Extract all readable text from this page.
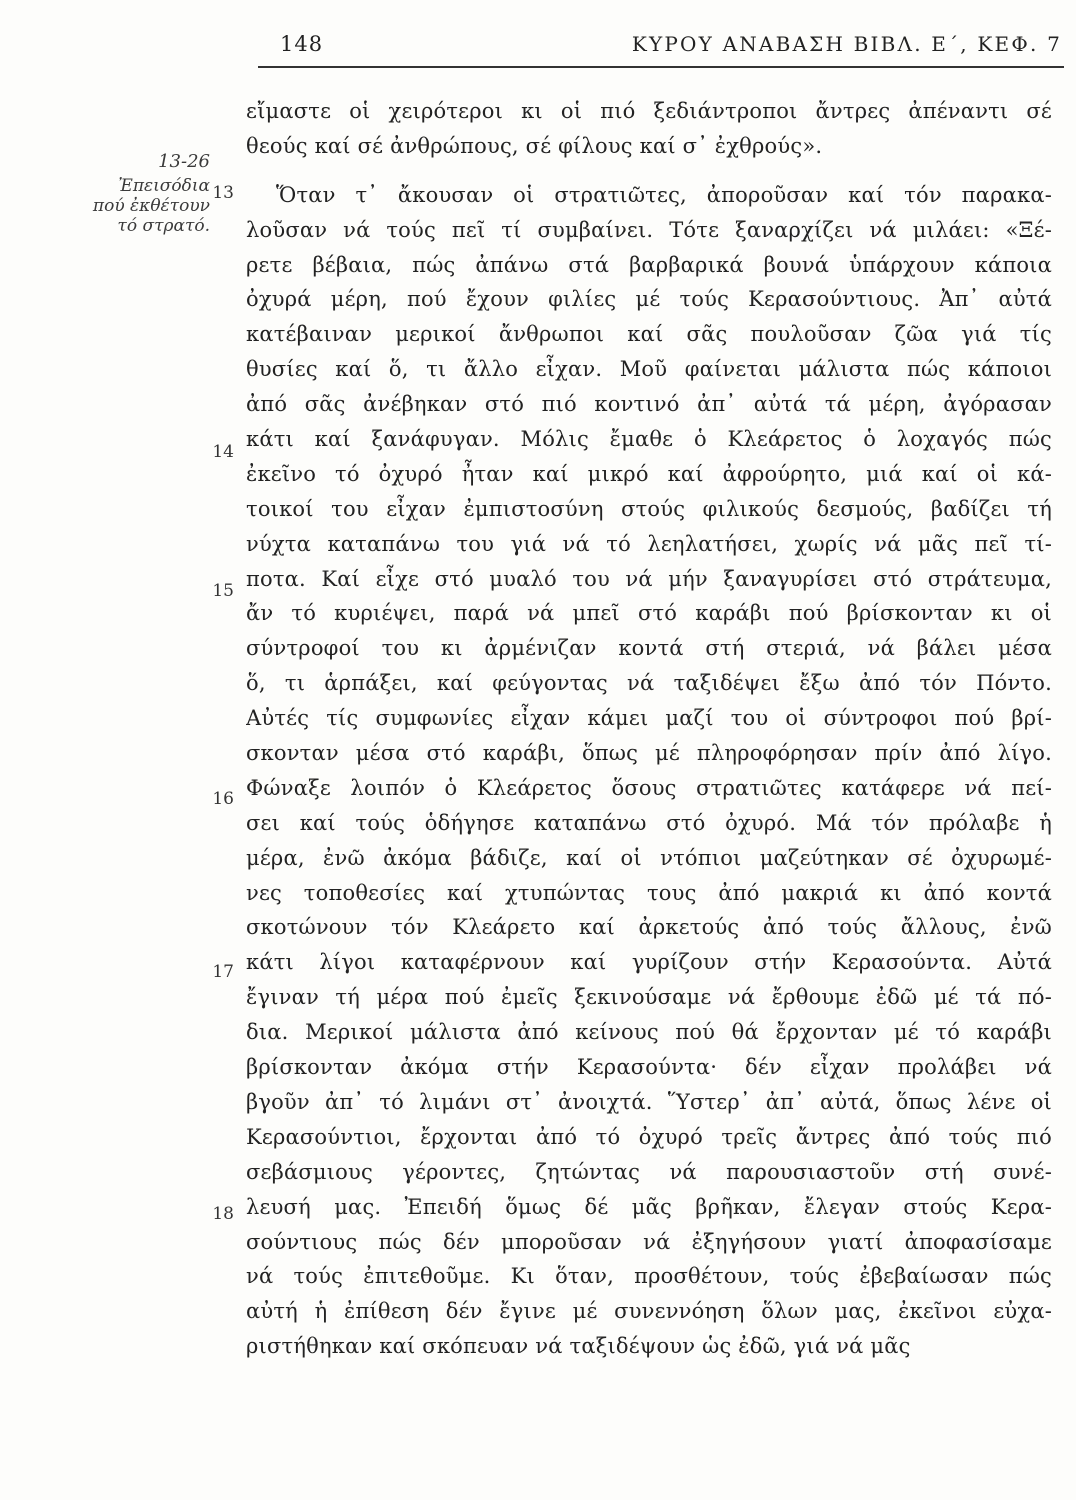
148	ΚΥΡΟΥ ΑΝΑΒΑΣΗ ΒΙΒΛ. Ε΄, ΚΕΦ. 7
13-26
Ἐπεισόδια
πού ἐκθέτουν
τό στρατό.
13
14
15
16
17
18
εἴμαστε οἱ χειρότεροι κι οἱ πιό ξεδιάντροποι ἄντρες ἀπέναντι σέ
θεούς καί σέ ἀνθρώπους, σέ φίλους καί σ᾽ ἐχθρούς».
Ὅταν τ᾽ ἄκουσαν οἱ στρατιῶτες, ἀποροῦσαν καί τόν παρακα-
λοῦσαν νά τούς πεῖ τί συμβαίνει. Τότε ξαναρχίζει νά μιλάει: «Ξέ-
ρετε βέβαια, πώς ἀπάνω στά βαρβαρικά βουνά ὑπάρχουν κάποια
ὀχυρά μέρη, πού ἔχουν φιλίες μέ τούς Κερασούντιους. Ἀπ᾽ αὐτά
κατέβαιναν μερικοί ἄνθρωποι καί σᾶς πουλοῦσαν ζῶα γιά τίς
θυσίες καί ὅ, τι ἄλλο εἶχαν. Μοῦ φαίνεται μάλιστα πώς κάποιοι
ἀπό σᾶς ἀνέβηκαν στό πιό κοντινό ἀπ᾽ αὐτά τά μέρη, ἀγόρασαν
κάτι καί ξανάφυγαν. Μόλις ἔμαθε ὁ Κλεάρετος ὁ λοχαγός πώς
ἐκεῖνο τό ὀχυρό ἦταν καί μικρό καί ἀφρούρητο, μιά καί οἱ κά-
τοικοί του εἶχαν ἐμπιστοσύνη στούς φιλικούς δεσμούς, βαδίζει τή
νύχτα καταπάνω του γιά νά τό λεηλατήσει, χωρίς νά μᾶς πεῖ τί-
ποτα. Καί εἶχε στό μυαλό του νά μήν ξαναγυρίσει στό στράτευμα,
ἄν τό κυριέψει, παρά νά μπεῖ στό καράβι πού βρίσκονταν κι οἱ
σύντροφοί του κι ἀρμένιζαν κοντά στή στεριά, νά βάλει μέσα
ὅ, τι ἁρπάξει, καί φεύγοντας νά ταξιδέψει ἔξω ἀπό τόν Πόντο.
Αὐτές τίς συμφωνίες εἶχαν κάμει μαζί του οἱ σύντροφοι πού βρί-
σκονταν μέσα στό καράβι, ὅπως μέ πληροφόρησαν πρίν ἀπό λίγο.
Φώναξε λοιπόν ὁ Κλεάρετος ὅσους στρατιῶτες κατάφερε νά πεί-
σει καί τούς ὁδήγησε καταπάνω στό ὀχυρό. Μά τόν πρόλαβε ἡ
μέρα, ἐνῶ ἀκόμα βάδιζε, καί οἱ ντόπιοι μαζεύτηκαν σέ ὀχυρωμέ-
νες τοποθεσίες καί χτυπώντας τους ἀπό μακριά κι ἀπό κοντά
σκοτώνουν τόν Κλεάρετο καί ἀρκετούς ἀπό τούς ἄλλους, ἐνῶ
κάτι λίγοι καταφέρνουν καί γυρίζουν στήν Κερασούντα. Αὐτά
ἔγιναν τή μέρα πού ἐμεῖς ξεκινούσαμε νά ἔρθουμε ἐδῶ μέ τά πό-
δια. Μερικοί μάλιστα ἀπό κείνους πού θά ἔρχονταν μέ τό καράβι
βρίσκονταν ἀκόμα στήν Κερασούντα· δέν εἶχαν προλάβει νά
βγοῦν ἀπ᾽ τό λιμάνι στ᾽ ἀνοιχτά. Ὕστερ᾽ ἀπ᾽ αὐτά, ὅπως λένε οἱ
Κερασούντιοι, ἔρχονται ἀπό τό ὀχυρό τρεῖς ἄντρες ἀπό τούς πιό
σεβάσμιους γέροντες, ζητώντας νά παρουσιαστοῦν στή συνέ-
λευσή μας. Ἐπειδή ὅμως δέ μᾶς βρῆκαν, ἔλεγαν στούς Κερα-
σούντιους πώς δέν μποροῦσαν νά ἐξηγήσουν γιατί ἀποφασίσαμε
νά τούς ἐπιτεθοῦμε. Κι ὅταν, προσθέτουν, τούς ἐβεβαίωσαν πώς
αὐτή ἡ ἐπίθεση δέν ἔγινε μέ συνεννόηση ὅλων μας, ἐκεῖνοι εὐχα-
ριστήθηκαν καί σκόπευαν νά ταξιδέψουν ὡς ἐδῶ, γιά νά μᾶς
